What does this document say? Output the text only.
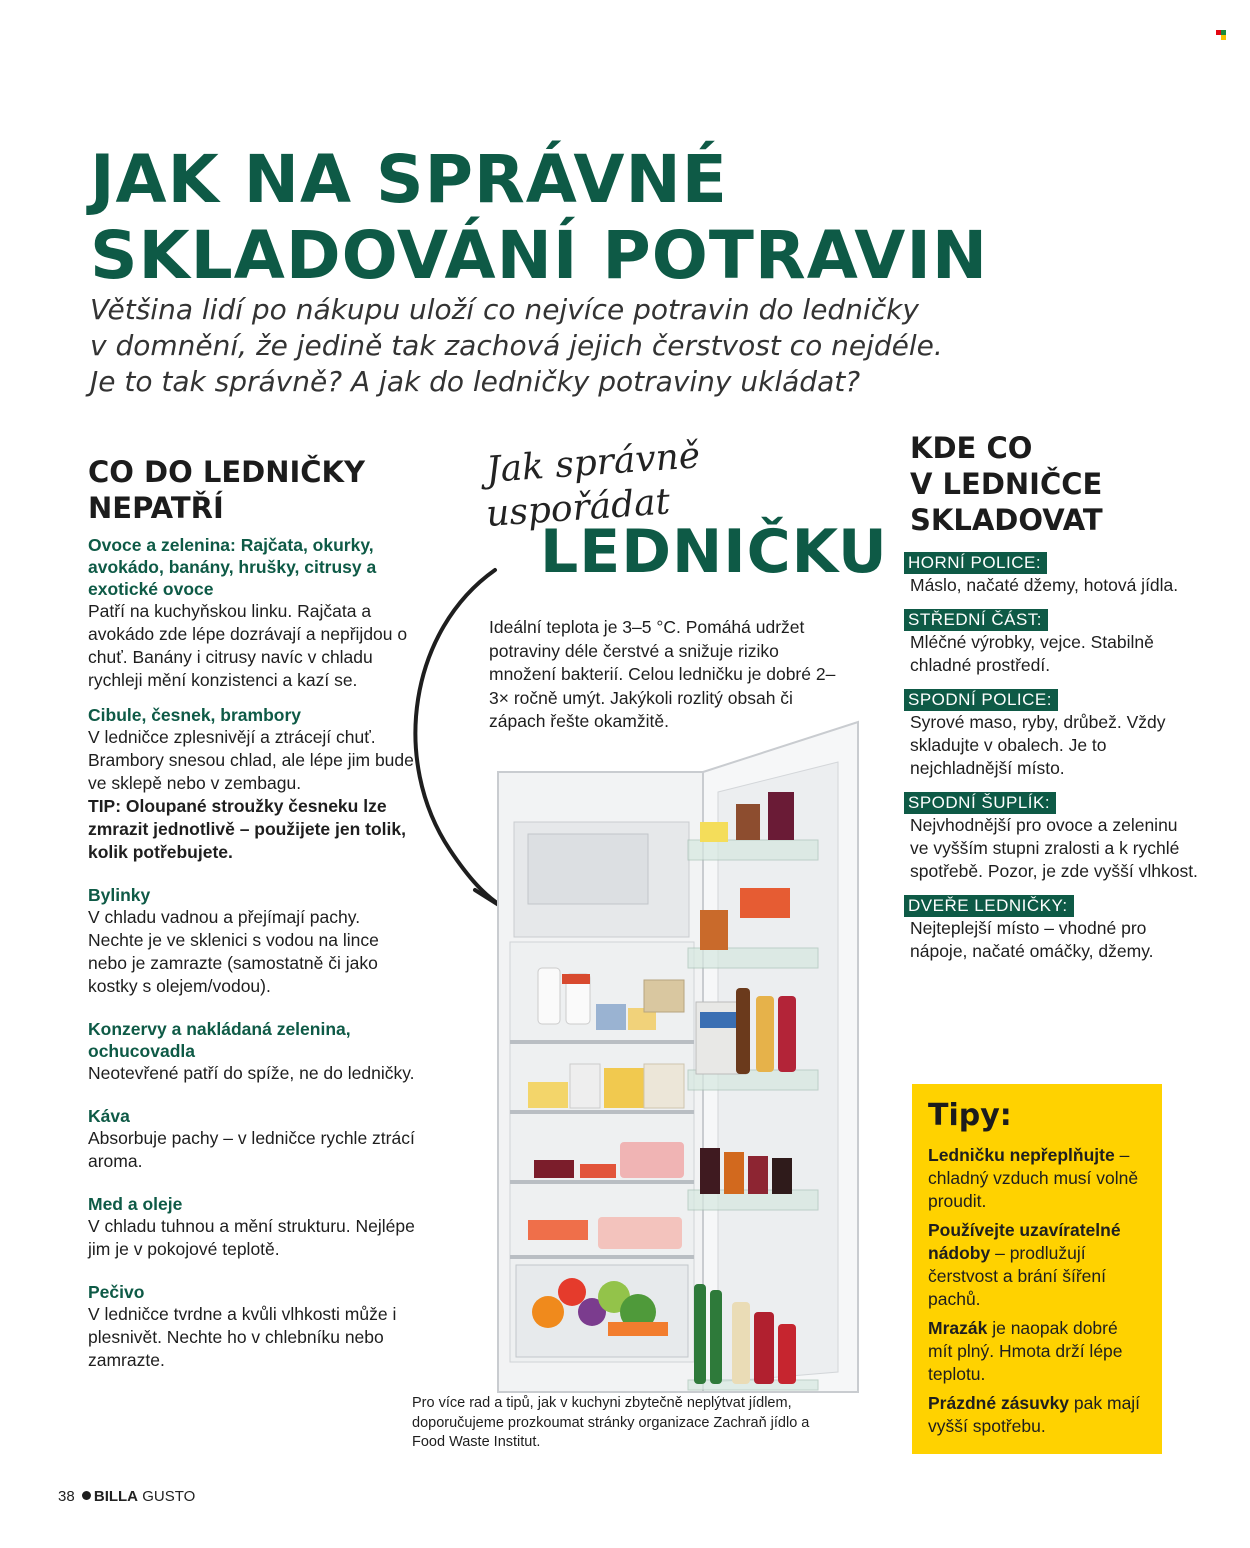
JAK NA SPRÁVNÉ
SKLADOVÁNÍ POTRAVIN
Většina lidí po nákupu uloží co nejvíce potravin do ledničky
v domnění, že jedině tak zachová jejich čerstvost co nejdéle.
Je to tak správně? A jak do ledničky potraviny ukládat?
CO DO LEDNIČKY
NEPATŘÍ
Ovoce a zelenina: Rajčata, okurky, avokádo, banány, hrušky, citrusy a exotické ovoce
Patří na kuchyňskou linku. Rajčata a avokádo zde lépe dozrávají a nepřijdou o chuť. Banány i citrusy navíc v chladu rychleji mění konzistenci a kazí se.
Cibule, česnek, brambory
V ledničce zplesnivějí a ztrácejí chuť. Brambory snesou chlad, ale lépe jim bude ve sklepě nebo v zembagu.
TIP: Oloupané stroužky česneku lze zmrazit jednotlivě – použijete jen tolik, kolik potřebujete.
Bylinky
V chladu vadnou a přejímají pachy. Nechte je ve sklenici s vodou na lince nebo je zamrazte (samostatně či jako kostky s olejem/vodou).
Konzervy a nakládaná zelenina, ochucovadla
Neotevřené patří do spíže, ne do ledničky.
Káva
Absorbuje pachy – v ledničce rychle ztrácí aroma.
Med a oleje
V chladu tuhnou a mění strukturu. Nejlépe jim je v pokojové teplotě.
Pečivo
V ledničce tvrdne a kvůli vlhkosti může i plesnivět. Nechte ho v chlebníku nebo zamrazte.
Jak správně
uspořádat
LEDNIČKU
Ideální teplota je 3–5 °C. Pomáhá udržet potraviny déle čerstvé a snižuje riziko množení bakterií. Celou ledničku je dobré 2–3× ročně umýt. Jakýkoli rozlitý obsah či zápach řešte okamžitě.
Pro více rad a tipů, jak v kuchyni zbytečně neplýtvat jídlem, doporučujeme prozkoumat stránky organizace Zachraň jídlo a Food Waste Institut.
KDE CO
V LEDNIČCE
SKLADOVAT
HORNÍ POLICE:
Máslo, načaté džemy, hotová jídla.
STŘEDNÍ ČÁST:
Mléčné výrobky, vejce. Stabilně chladné prostředí.
SPODNÍ POLICE:
Syrové maso, ryby, drůbež. Vždy skladujte v obalech. Je to nejchladnější místo.
SPODNÍ ŠUPLÍK:
Nejvhodnější pro ovoce a zeleninu ve vyšším stupni zralosti a k rychlé spotřebě. Pozor, je zde vyšší vlhkost.
DVEŘE LEDNIČKY:
Nejteplejší místo – vhodné pro nápoje, načaté omáčky, džemy.
Tipy:
Ledničku nepřeplňujte – chladný vzduch musí volně proudit.
Používejte uzavíratelné nádoby – prodlužují čerstvost a brání šíření pachů.
Mrazák je naopak dobré mít plný. Hmota drží lépe teplotu.
Prázdné zásuvky pak mají vyšší spotřebu.
38 BILLA GUSTO
